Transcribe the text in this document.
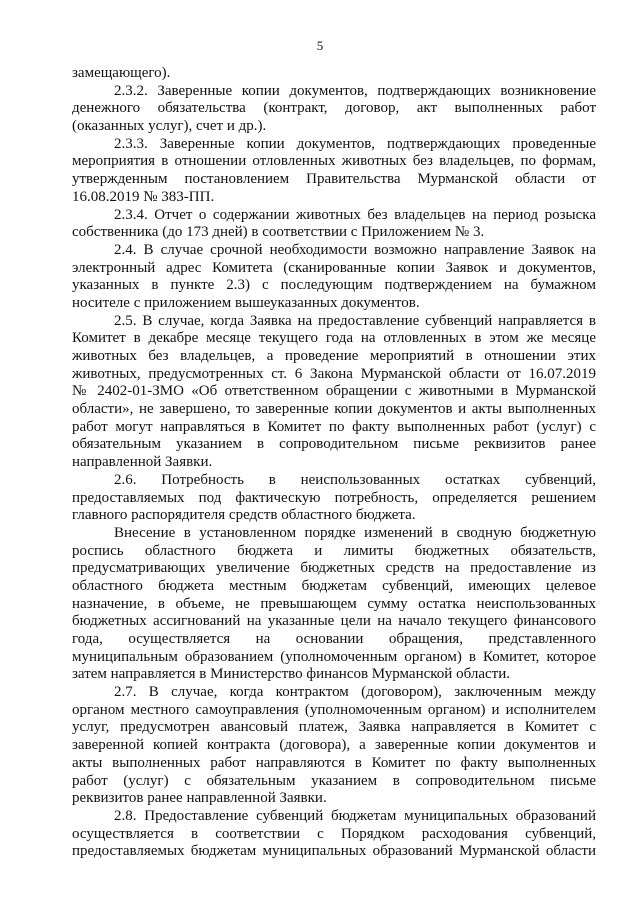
5
замещающего).
2.3.2. Заверенные копии документов, подтверждающих возникновение
денежного обязательства (контракт, договор, акт выполненных работ
(оказанных услуг), счет и др.).
2.3.3. Заверенные копии документов, подтверждающих проведенные
мероприятия в отношении отловленных животных без владельцев, по формам,
утвержденным постановлением Правительства Мурманской области от
16.08.2019 № 383-ПП.
2.3.4. Отчет о содержании животных без владельцев на период розыска
собственника (до 173 дней) в соответствии с Приложением № 3.
2.4. В случае срочной необходимости возможно направление Заявок на
электронный адрес Комитета (сканированные копии Заявок и документов,
указанных в пункте 2.3) с последующим подтверждением на бумажном
носителе с приложением вышеуказанных документов.
2.5. В случае, когда Заявка на предоставление субвенций направляется в
Комитет в декабре месяце текущего года на отловленных в этом же месяце
животных без владельцев, а проведение мероприятий в отношении этих
животных, предусмотренных ст. 6 Закона Мурманской области от 16.07.2019
№ 2402-01-ЗМО «Об ответственном обращении с животными в Мурманской
области», не завершено, то заверенные копии документов и акты выполненных
работ могут направляться в Комитет по факту выполненных работ (услуг) с
обязательным указанием в сопроводительном письме реквизитов ранее
направленной Заявки.
2.6. Потребность в неиспользованных остатках субвенций,
предоставляемых под фактическую потребность, определяется решением
главного распорядителя средств областного бюджета.
Внесение в установленном порядке изменений в сводную бюджетную
роспись областного бюджета и лимиты бюджетных обязательств,
предусматривающих увеличение бюджетных средств на предоставление из
областного бюджета местным бюджетам субвенций, имеющих целевое
назначение, в объеме, не превышающем сумму остатка неиспользованных
бюджетных ассигнований на указанные цели на начало текущего финансового
года, осуществляется на основании обращения, представленного
муниципальным образованием (уполномоченным органом) в Комитет, которое
затем направляется в Министерство финансов Мурманской области.
2.7. В случае, когда контрактом (договором), заключенным между
органом местного самоуправления (уполномоченным органом) и исполнителем
услуг, предусмотрен авансовый платеж, Заявка направляется в Комитет с
заверенной копией контракта (договора), а заверенные копии документов и
акты выполненных работ направляются в Комитет по факту выполненных
работ (услуг) с обязательным указанием в сопроводительном письме
реквизитов ранее направленной Заявки.
2.8. Предоставление субвенций бюджетам муниципальных образований
осуществляется в соответствии с Порядком расходования субвенций,
предоставляемых бюджетам муниципальных образований Мурманской области
